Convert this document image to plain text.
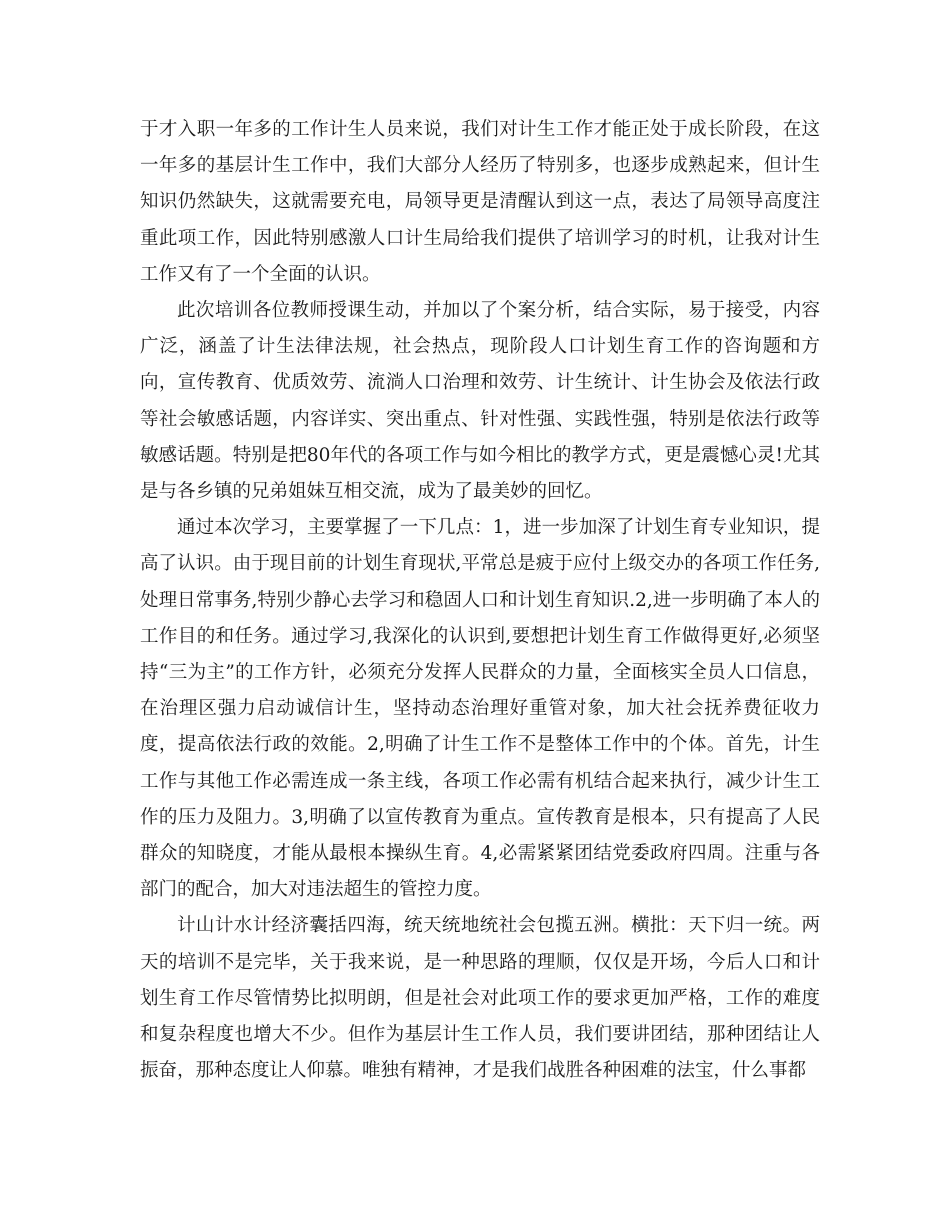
于才入职一年多的工作计生人员来说，我们对计生工作才能正处于成长阶段，在这一年多的基层计生工作中，我们大部分人经历了特别多，也逐步成熟起来，但计生知识仍然缺失，这就需要充电，局领导更是清醒认到这一点，表达了局领导高度注重此项工作，因此特别感激人口计生局给我们提供了培训学习的时机，让我对计生工作又有了一个全面的认识。

此次培训各位教师授课生动，并加以了个案分析，结合实际，易于接受，内容广泛，涵盖了计生法律法规，社会热点，现阶段人口计划生育工作的咨询题和方向，宣传教育、优质效劳、流淌人口治理和效劳、计生统计、计生协会及依法行政等社会敏感话题，内容详实、突出重点、针对性强、实践性强，特别是依法行政等敏感话题。特别是把80年代的各项工作与如今相比的教学方式，更是震憾心灵!尤其是与各乡镇的兄弟姐妹互相交流，成为了最美妙的回忆。

通过本次学习，主要掌握了一下几点：1，进一步加深了计划生育专业知识，提高了认识。由于现目前的计划生育现状,平常总是疲于应付上级交办的各项工作任务,处理日常事务,特别少静心去学习和稳固人口和计划生育知识.2,进一步明确了本人的工作目的和任务。通过学习,我深化的认识到,要想把计划生育工作做得更好,必须坚持“三为主”的工作方针，必须充分发挥人民群众的力量，全面核实全员人口信息，在治理区强力启动诚信计生，坚持动态治理好重管对象，加大社会抚养费征收力度，提高依法行政的效能。2,明确了计生工作不是整体工作中的个体。首先，计生工作与其他工作必需连成一条主线，各项工作必需有机结合起来执行，减少计生工作的压力及阻力。3,明确了以宣传教育为重点。宣传教育是根本，只有提高了人民群众的知晓度，才能从最根本操纵生育。4,必需紧紧团结党委政府四周。注重与各部门的配合，加大对违法超生的管控力度。

计山计水计经济囊括四海，统天统地统社会包揽五洲。横批：天下归一统。两天的培训不是完毕，关于我来说，是一种思路的理顺，仅仅是开场，今后人口和计划生育工作尽管情势比拟明朗，但是社会对此项工作的要求更加严格，工作的难度和复杂程度也增大不少。但作为基层计生工作人员，我们要讲团结，那种团结让人振奋，那种态度让人仰慕。唯独有精神，才是我们战胜各种困难的法宝，什么事都
